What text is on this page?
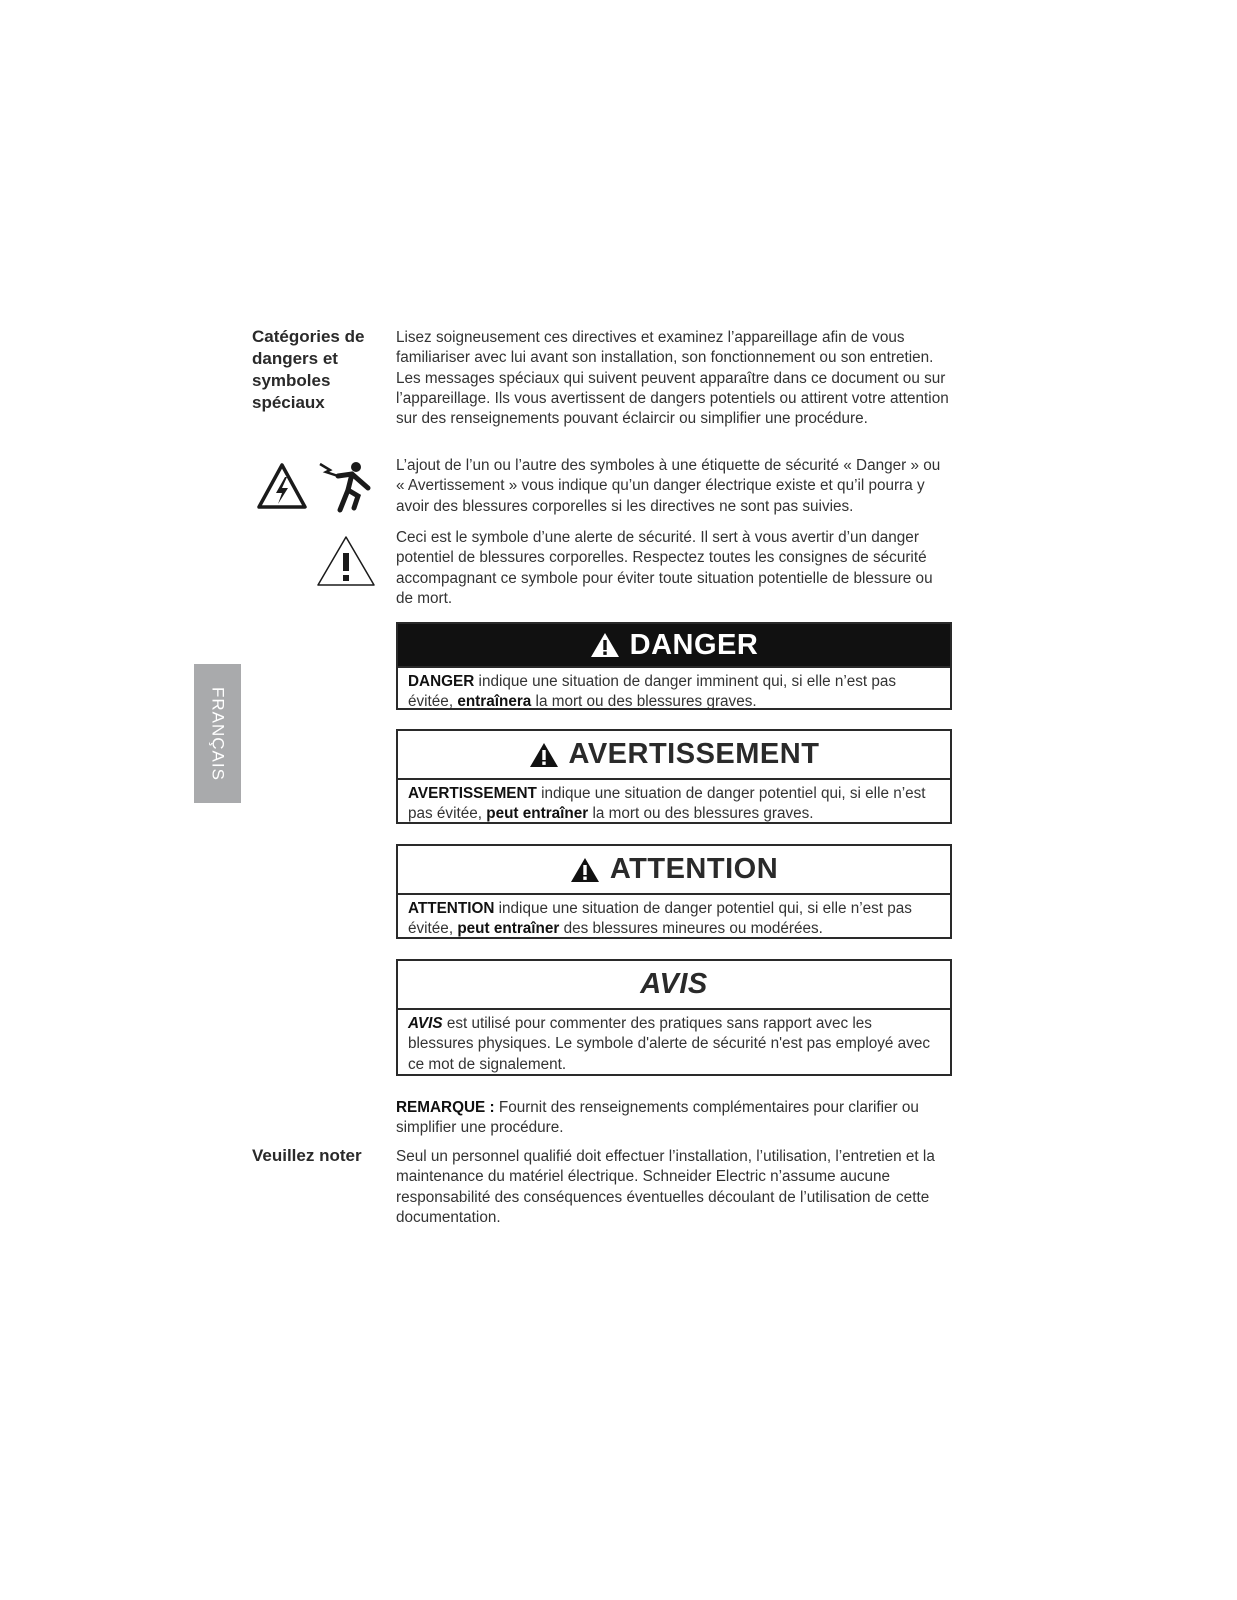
FRANÇAIS
Catégories de
dangers et
symboles
spéciaux
Lisez soigneusement ces directives et examinez l’appareillage afin de vous familiariser avec lui avant son installation, son fonctionnement ou son entretien. Les messages spéciaux qui suivent peuvent apparaître dans ce document ou sur l’appareillage. Ils vous avertissent de dangers potentiels ou attirent votre attention sur des renseignements pouvant éclaircir ou simplifier une procédure.
L’ajout de l’un ou l’autre des symboles à une étiquette de sécurité « Danger » ou « Avertissement » vous indique qu’un danger électrique existe et qu’il pourra y avoir des blessures corporelles si les directives ne sont pas suivies.
Ceci est le symbole d’une alerte de sécurité. Il sert à vous avertir d’un danger potentiel de blessures corporelles. Respectez toutes les consignes de sécurité accompagnant ce symbole pour éviter toute situation potentielle de blessure ou de mort.
DANGER
DANGER indique une situation de danger imminent qui, si elle n’est pas évitée, entraînera la mort ou des blessures graves.
AVERTISSEMENT
AVERTISSEMENT indique une situation de danger potentiel qui, si elle n’est pas évitée, peut entraîner la mort ou des blessures graves.
ATTENTION
ATTENTION indique une situation de danger potentiel qui, si elle n’est pas évitée, peut entraîner des blessures mineures ou modérées.
AVIS
AVIS est utilisé pour commenter des pratiques sans rapport avec les blessures physiques. Le symbole d'alerte de sécurité n'est pas employé avec ce mot de signalement.
REMARQUE : Fournit des renseignements complémentaires pour clarifier ou simplifier une procédure.
Veuillez noter Seul un personnel qualifié doit effectuer l’installation, l’utilisation, l’entretien et la maintenance du matériel électrique. Schneider Electric n’assume aucune responsabilité des conséquences éventuelles découlant de l’utilisation de cette documentation.
